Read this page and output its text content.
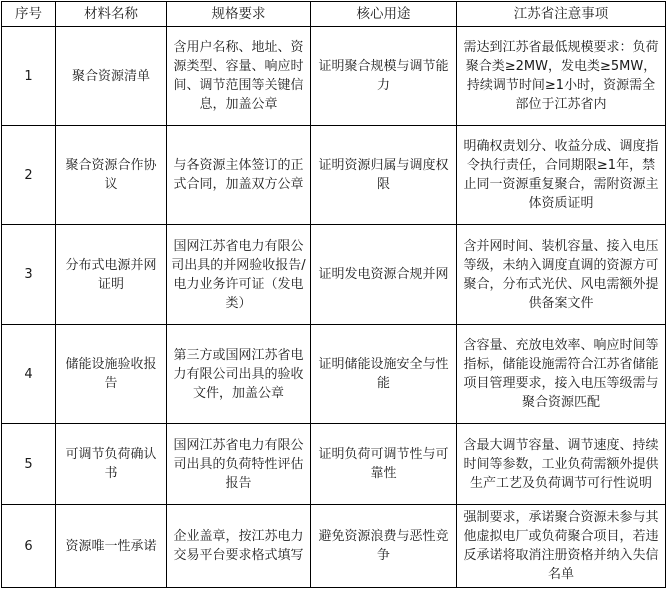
序号	材料名称	规格要求	核心用途	江苏省注意事项
1	聚合资源清单	含用户名称、地址、资源类型、容量、响应时间、调节范围等关键信息，加盖公章	证明聚合规模与调节能力	需达到江苏省最低规模要求：负荷聚合类≥2MW，发电类≥5MW，持续调节时间≥1小时，资源需全部位于江苏省内
2	聚合资源合作协议	与各资源主体签订的正式合同，加盖双方公章	证明资源归属与调度权限	明确权责划分、收益分成、调度指令执行责任，合同期限≥1年，禁止同一资源重复聚合，需附资源主体资质证明
3	分布式电源并网证明	国网江苏省电力有限公司出具的并网验收报告/电力业务许可证（发电类）	证明发电资源合规并网	含并网时间、装机容量、接入电压等级，未纳入调度直调的资源方可聚合，分布式光伏、风电需额外提供备案文件
4	储能设施验收报告	第三方或国网江苏省电力有限公司出具的验收文件，加盖公章	证明储能设施安全与性能	含容量、充放电效率、响应时间等指标，储能设施需符合江苏省储能项目管理要求，接入电压等级需与聚合资源匹配
5	可调节负荷确认书	国网江苏省电力有限公司出具的负荷特性评估报告	证明负荷可调节性与可靠性	含最大调节容量、调节速度、持续时间等参数，工业负荷需额外提供生产工艺及负荷调节可行性说明
6	资源唯一性承诺	企业盖章，按江苏电力交易平台要求格式填写	避免资源浪费与恶性竞争	强制要求，承诺聚合资源未参与其他虚拟电厂或负荷聚合项目，若违反承诺将取消注册资格并纳入失信名单
